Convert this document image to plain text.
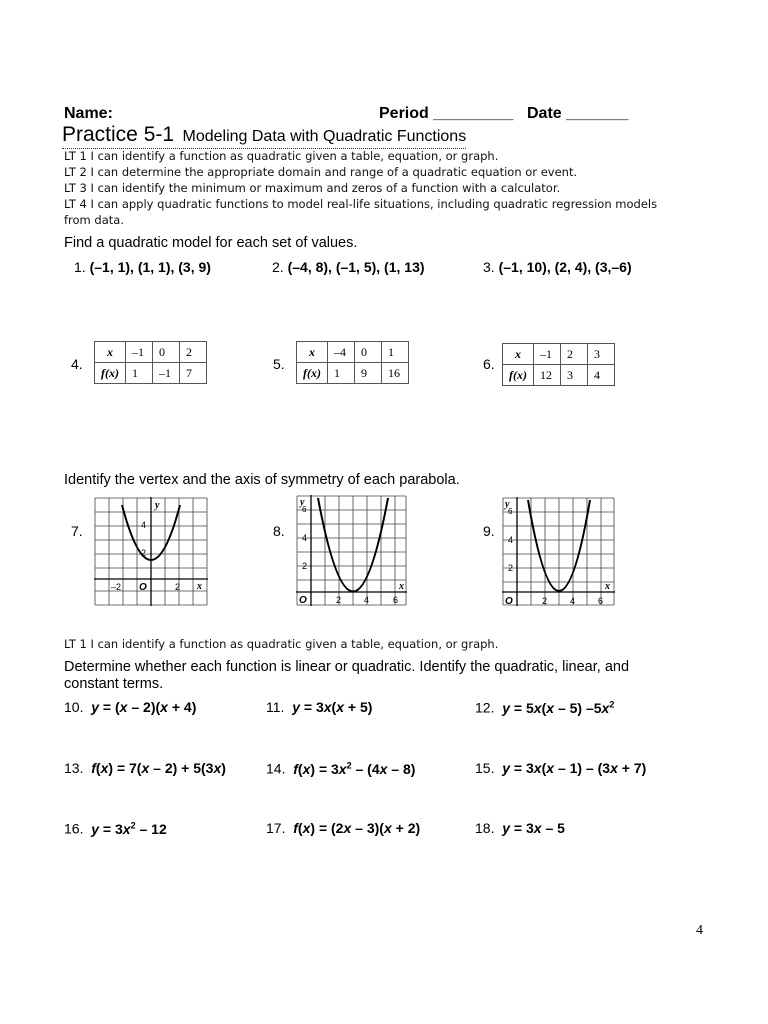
Name:	Period _________ Date _______
Practice 5-1 Modeling Data with Quadratic Functions
LT 1 I can identify a function as quadratic given a table, equation, or graph.
LT 2 I can determine the appropriate domain and range of a quadratic equation or event.
LT 3 I can identify the minimum or maximum and zeros of a function with a calculator.
LT 4 I can apply quadratic functions to model real-life situations, including quadratic regression models
from data.
Find a quadratic model for each set of values.
1. (–1, 1), (1, 1), (3, 9)	2. (–4, 8), (–1, 5), (1, 13)	3. (–1, 10), (2, 4), (3,–6)
4.
x	–1	0	2
f(x)	1	–1	7
5.
x	–4	0	1
f(x)	1	9	16
6.
x	–1	2	3
f(x)	12	3	4
Identify the vertex and the axis of symmetry of each parabola.
7.
y
4
2
–2 O	2 x
8.
y
6
4
2
O	2	4	6
x
9.
y
6
4
2
O	2	4	6
x
LT 1 I can identify a function as quadratic given a table, equation, or graph.
Determine whether each function is linear or quadratic. Identify the quadratic, linear, and
constant terms.
10.  y = (x – 2)(x + 4)	11.  y = 3x(x + 5)	12.  y = 5x(x – 5) $-5x^2$
13.  f(x) = 7(x – 2) + 5(3x)	14.  $f(x) = 3x^2 - (4x - 8)$	15.  y = 3x(x – 1) – (3x + 7)
16.  $y = 3x^2 - 12$	17.  f(x) = (2x – 3)(x + 2)	18.  y = 3x – 5
4
